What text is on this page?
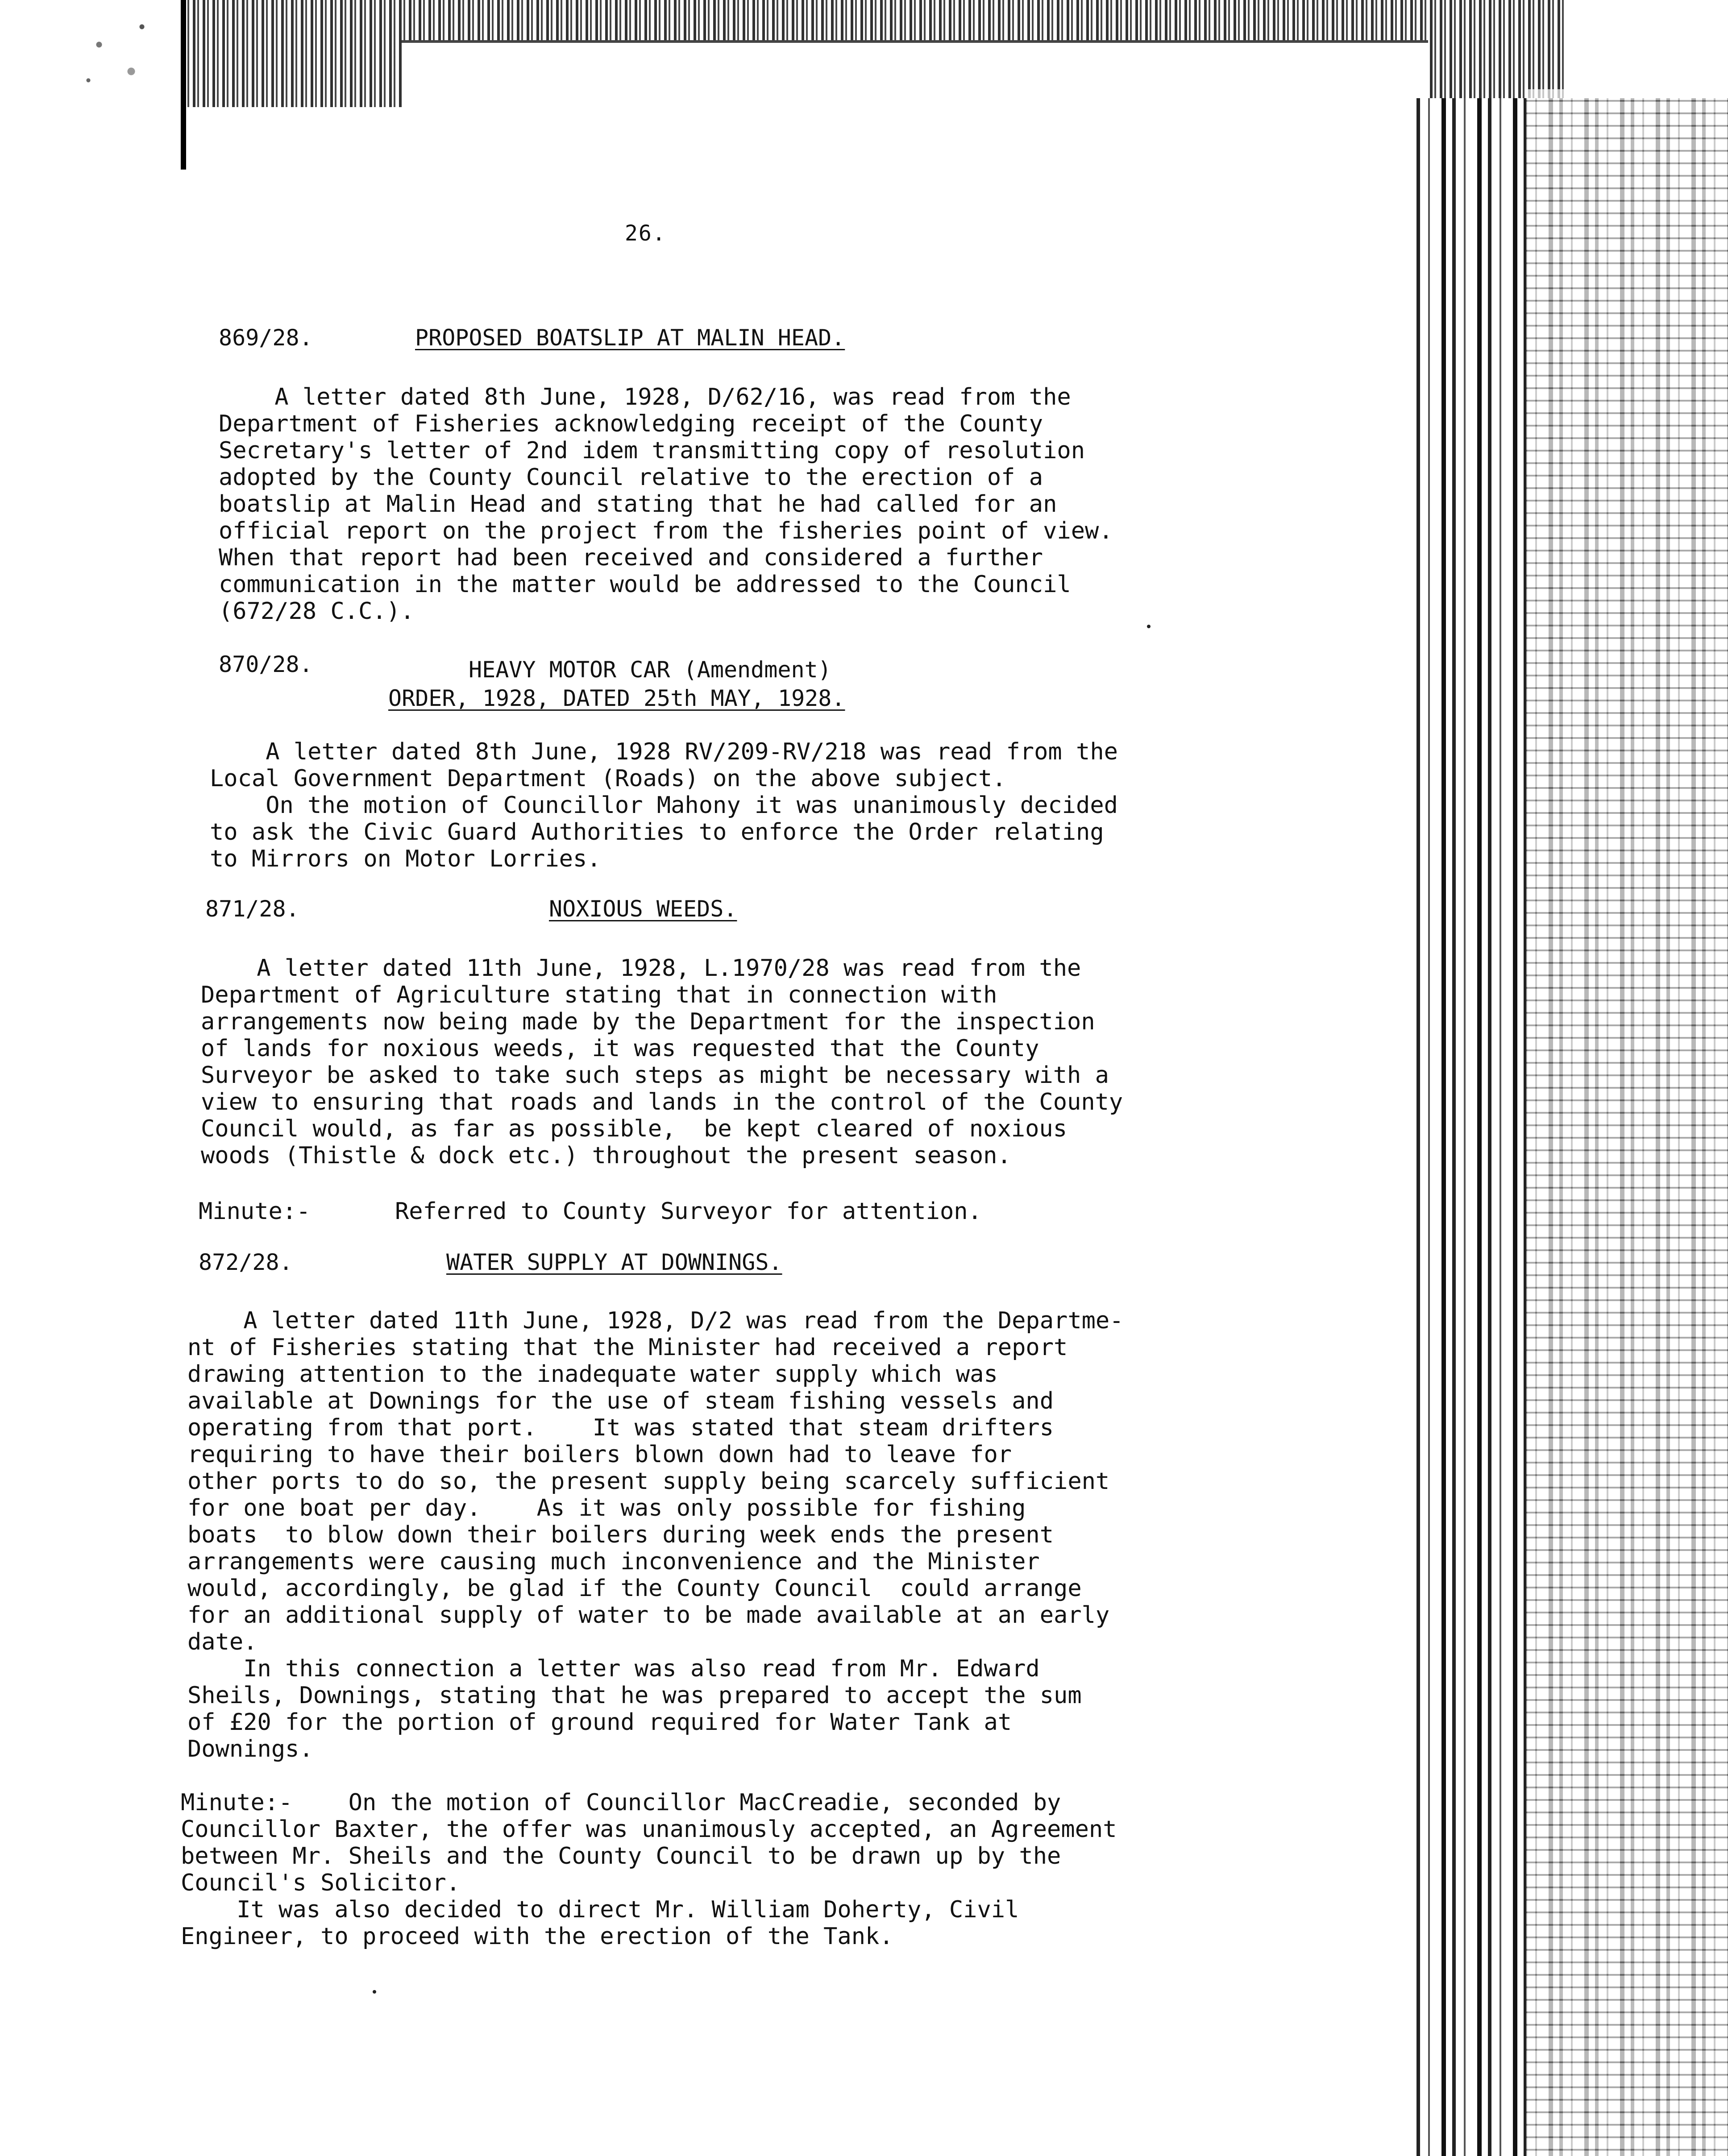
26.

869/28.

	PROPOSED BOATSLIP AT MALIN HEAD.

A letter dated 8th June, 1928, D/62/16, was read from the
Department of Fisheries acknowledging receipt of the County
Secretary's letter of 2nd idem transmitting copy of resolution
adopted by the County Council relative to the erection of a
boatslip at Malin Head and stating that he had called for an
official report on the project from the fisheries point of view.
When that report had been received and considered a further
communication in the matter would be addressed to the Council
(672/28 C.C.).

870/28.

	HEAVY MOTOR CAR (Amendment)

ORDER, 1928, DATED 25th MAY, 1928.

A letter dated 8th June, 1928 RV/209-RV/218 was read from the
Local Government Department (Roads) on the above subject.
On the motion of Councillor Mahony it was unanimously decided
to ask the Civic Guard Authorities to enforce the Order relating
to Mirrors on Motor Lorries.

871/28.

	NOXIOUS WEEDS.

A letter dated 11th June, 1928, L.1970/28 was read from the
Department of Agriculture stating that in connection with
arrangements now being made by the Department for the inspection
of lands for noxious weeds, it was requested that the County
Surveyor be asked to take such steps as might be necessary with a
view to ensuring that roads and lands in the control of the County
Council would, as far as possible,  be kept cleared of noxious
woods (Thistle & dock etc.) throughout the present season.

Minute:-

	Referred to County Surveyor for attention.

872/28.

	WATER SUPPLY AT DOWNINGS.

A letter dated 11th June, 1928, D/2 was read from the Departme-
nt of Fisheries stating that the Minister had received a report
drawing attention to the inadequate water supply which was
available at Downings for the use of steam fishing vessels and
operating from that port.    It was stated that steam drifters
requiring to have their boilers blown down had to leave for
other ports to do so, the present supply being scarcely sufficient
for one boat per day.    As it was only possible for fishing
boats  to blow down their boilers during week ends the present
arrangements were causing much inconvenience and the Minister
would, accordingly, be glad if the County Council  could arrange
for an additional supply of water to be made available at an early
date.
In this connection a letter was also read from Mr. Edward
Sheils, Downings, stating that he was prepared to accept the sum
of £20 for the portion of ground required for Water Tank at
Downings.

Minute:-

	On the motion of Councillor MacCreadie, seconded by
Councillor Baxter, the offer was unanimously accepted, an Agreement
between Mr. Sheils and the County Council to be drawn up by the
Council's Solicitor.
It was also decided to direct Mr. William Doherty, Civil
Engineer, to proceed with the erection of the Tank.
